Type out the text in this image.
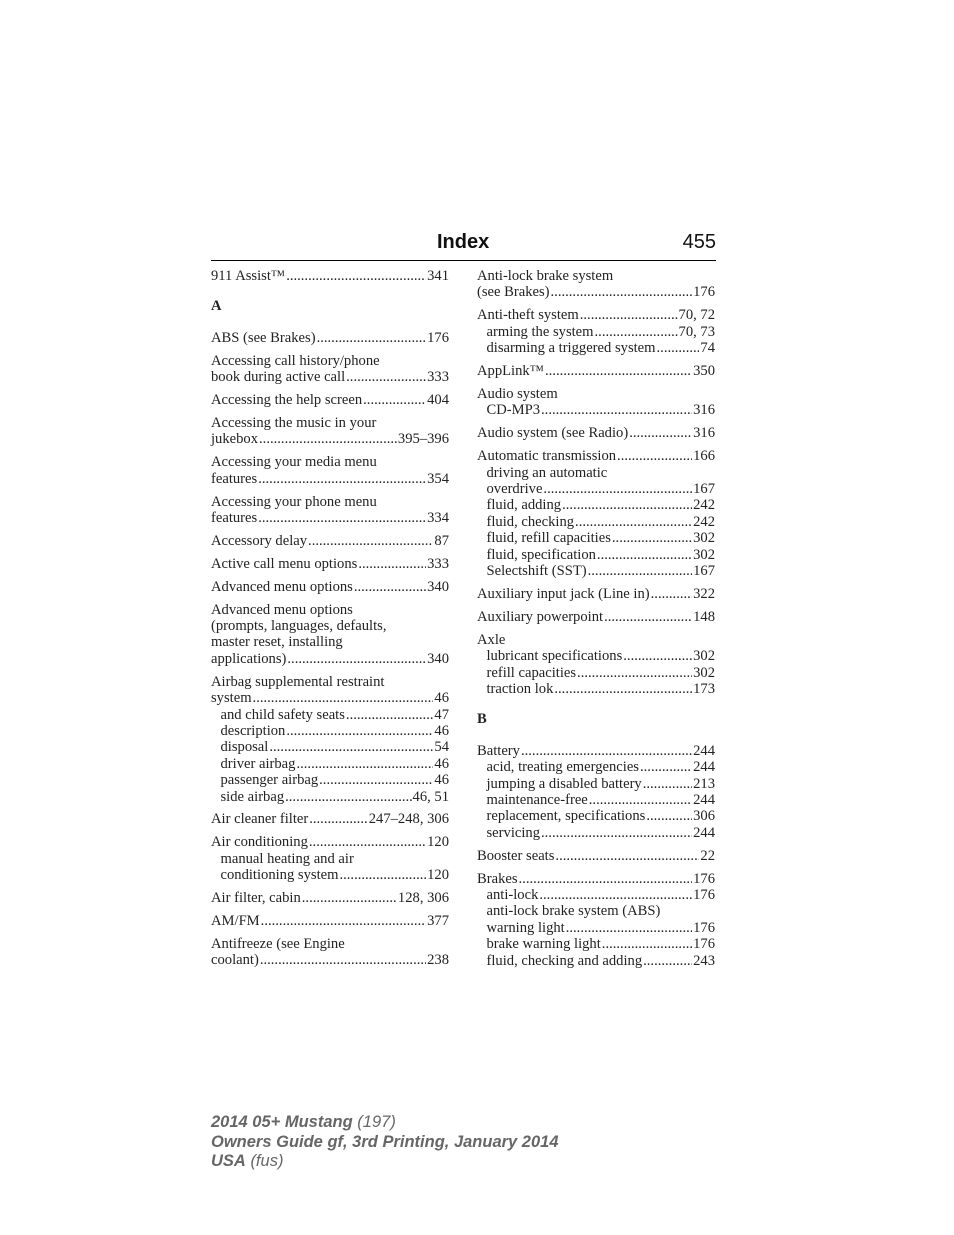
Index	455
911 Assist™ .....	341
A
ABS (see Brakes) .....	176
Accessing call history/phone
book during active call .....	333
Accessing the help screen .....	404
Accessing the music in your
jukebox .....	395–396
Accessing your media menu
features .....	354
Accessing your phone menu
features .....	334
Accessory delay .....	87
Active call menu options .....	333
Advanced menu options .....	340
Advanced menu options
(prompts, languages, defaults,
master reset, installing
applications) .....	340
Airbag supplemental restraint
system .....	46
and child safety seats .....	47
description .....	46
disposal .....	54
driver airbag .....	46
passenger airbag .....	46
side airbag .....	46, 51
Air cleaner filter .....	247–248, 306
Air conditioning .....	120
manual heating and air
conditioning system .....	120
Air filter, cabin .....	128, 306
AM/FM .....	377
Antifreeze (see Engine
coolant) .....	238
Anti-lock brake system
(see Brakes) .....	176
Anti-theft system .....	70, 72
arming the system .....	70, 73
disarming a triggered system .....	74
AppLink™ .....	350
Audio system
CD-MP3 .....	316
Audio system (see Radio) .....	316
Automatic transmission .....	166
driving an automatic
overdrive .....	167
fluid, adding .....	242
fluid, checking .....	242
fluid, refill capacities .....	302
fluid, specification .....	302
Selectshift (SST) .....	167
Auxiliary input jack (Line in) .....	322
Auxiliary powerpoint .....	148
Axle
lubricant specifications .....	302
refill capacities .....	302
traction lok .....	173
B
Battery .....	244
acid, treating emergencies .....	244
jumping a disabled battery .....	213
maintenance-free .....	244
replacement, specifications .....	306
servicing .....	244
Booster seats .....	22
Brakes .....	176
anti-lock .....	176
anti-lock brake system (ABS)
warning light .....	176
brake warning light .....	176
fluid, checking and adding .....	243
2014 05+ Mustang (197)
Owners Guide gf, 3rd Printing, January 2014
USA (fus)
